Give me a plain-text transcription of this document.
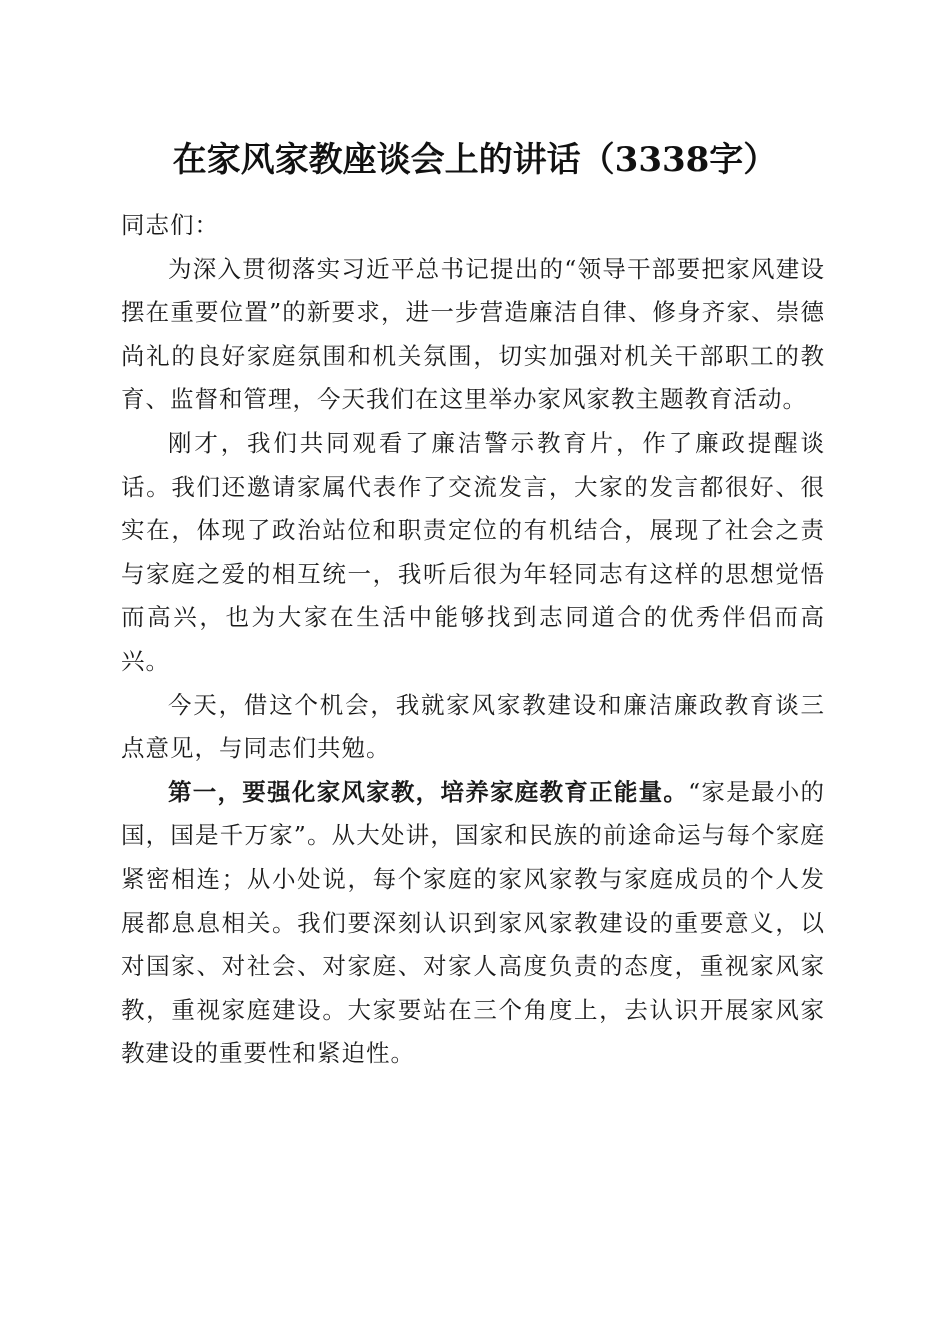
在家风家教座谈会上的讲话（3338字）

同志们：

为深入贯彻落实习近平总书记提出的“领导干部要把家风建设摆在重要位置”的新要求，进一步营造廉洁自律、修身齐家、崇德尚礼的良好家庭氛围和机关氛围，切实加强对机关干部职工的教育、监督和管理，今天我们在这里举办家风家教主题教育活动。

刚才，我们共同观看了廉洁警示教育片，作了廉政提醒谈话。我们还邀请家属代表作了交流发言，大家的发言都很好、很实在，体现了政治站位和职责定位的有机结合，展现了社会之责与家庭之爱的相互统一，我听后很为年轻同志有这样的思想觉悟而高兴，也为大家在生活中能够找到志同道合的优秀伴侣而高兴。

今天，借这个机会，我就家风家教建设和廉洁廉政教育谈三点意见，与同志们共勉。

第一，要强化家风家教，培养家庭教育正能量。“家是最小的国，国是千万家”。从大处讲，国家和民族的前途命运与每个家庭紧密相连；从小处说，每个家庭的家风家教与家庭成员的个人发展都息息相关。我们要深刻认识到家风家教建设的重要意义，以对国家、对社会、对家庭、对家人高度负责的态度，重视家风家教，重视家庭建设。大家要站在三个角度上，去认识开展家风家教建设的重要性和紧迫性。
